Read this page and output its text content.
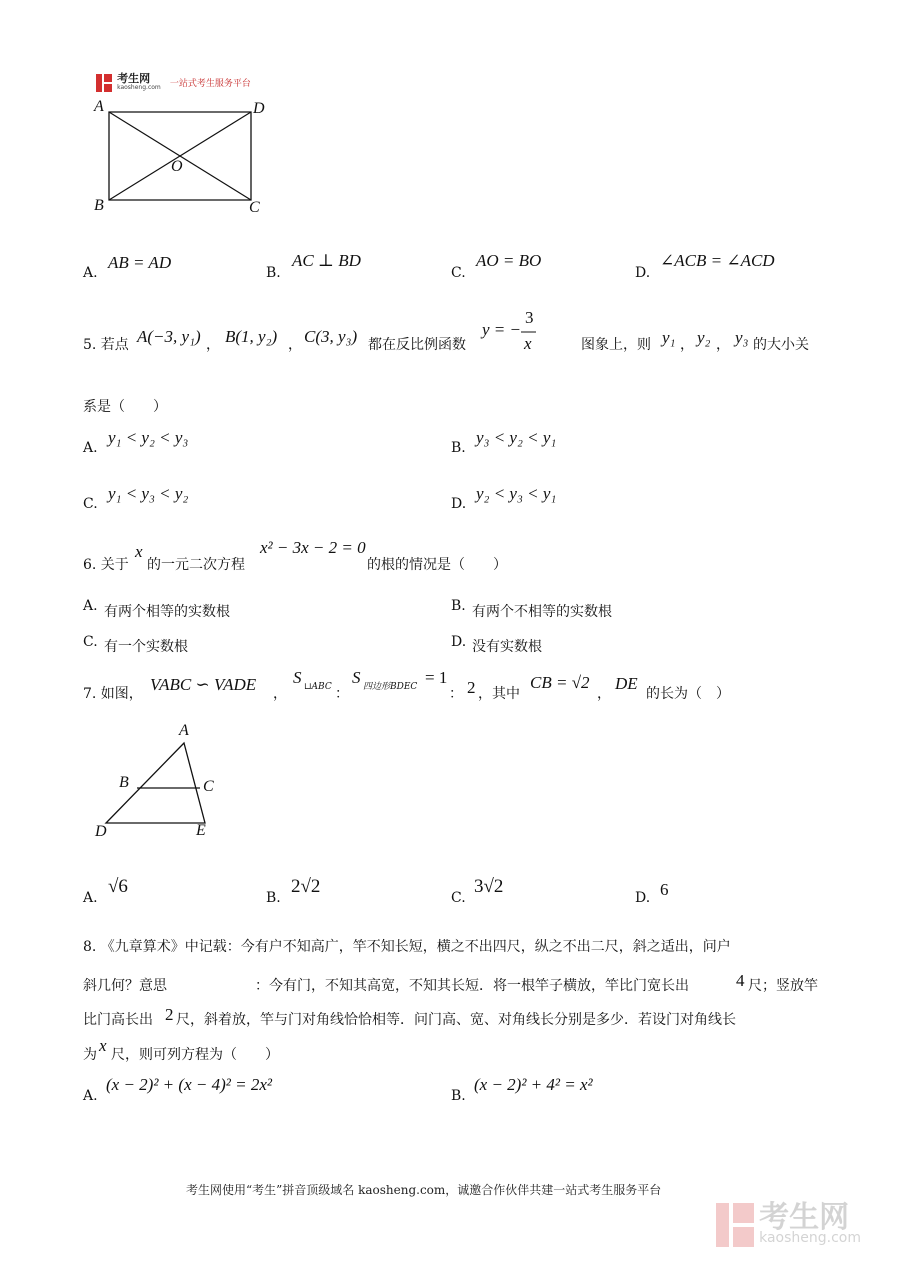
考生网
kaosheng.com 一站式考生服务平台
A	D
O
B	C
A.
AB = AD
B.
AC ⊥ BD
C.
AO = BO
D.
∠ACB = ∠ACD
5. 若点 A(−3, y₁) ， B(1, y₂) ， C(3, y₃) 都在反比例函数
y = −
3
x	图象上，则 y₁ ， y₂ ， y₃ 的大小关
系是（　　）
A.
y₁ < y₂ < y₃
B.
y₃ < y₂ < y₁
C.
y₁ < y₃ < y₂
D.
y₂ < y₃ < y₁
6. 关于
x
的一元二次方程
x² − 3x − 2 = 0
的根的情况是（　　）
A. 有两个相等的实数根	B. 有两个不相等的实数根
C. 有一个实数根	D. 没有实数根
7. 如图， VABC ∽ VADE ，
S ⊔ABC ：
S 四边形BDEC = 1
： 2 ，其中
CB = √2
，
DE
的长为（　）
A
B	C
D	E
A.
√6
B.
2√2
C.
3√2
D. 6
8. 《九章算术》中记载：今有户不知高广，竿不知长短，横之不出四尺，纵之不出二尺，斜之适出，问户
斜几何？意思	：今有门，不知其高宽，不知其长短．将一根竿子横放，竿比门宽长出	4 尺；竖放竿
比门高长出 2 尺，斜着放，竿与门对角线恰恰相等．问门高、宽、对角线长分别是多少．若设门对角线长
为 x 尺，则可列方程为（　　）
A.
(x − 2)² + (x − 4)² = 2x²
B.
(x − 2)² + 4² = x²
考生网使用“考生”拼音顶级域名 kaosheng.com，诚邀合作伙伴共建一站式考生服务平台

考生网
kaosheng.com
